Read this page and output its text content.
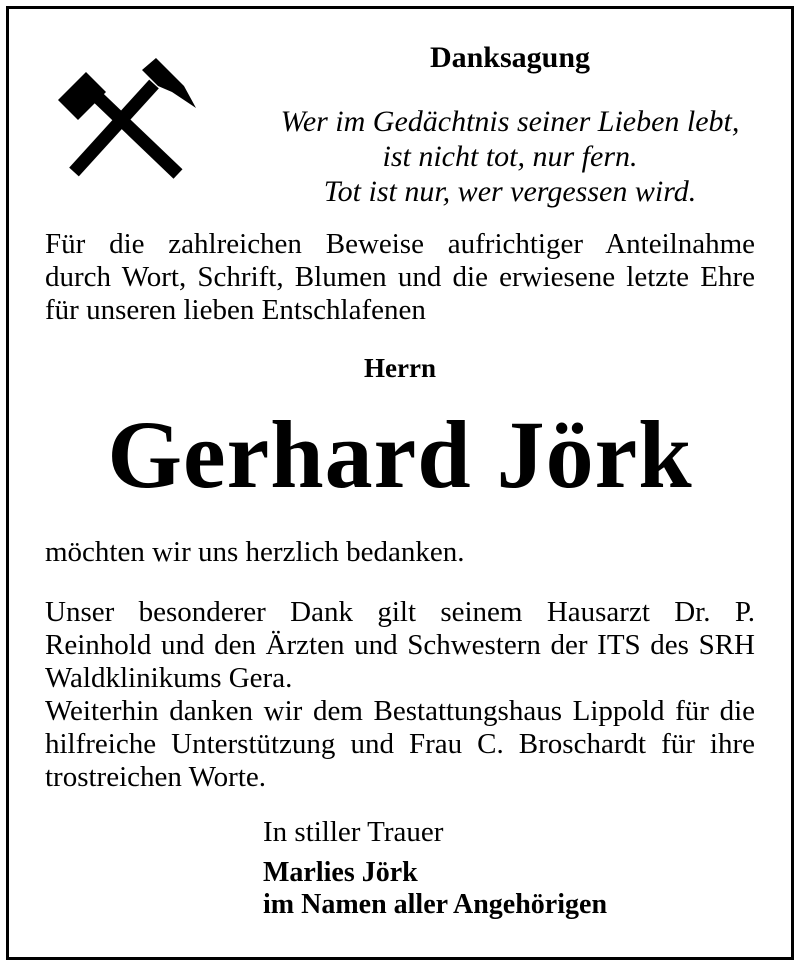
Danksagung
Wer im Gedächtnis seiner Lieben lebt,
ist nicht tot, nur fern.
Tot ist nur, wer vergessen wird.
Für die zahlreichen Beweise aufrichtiger Anteilnahme
durch Wort, Schrift, Blumen und die erwiesene letzte Ehre
für unseren lieben Entschlafenen
Herrn
Gerhard Jörk
möchten wir uns herzlich bedanken.
Unser besonderer Dank gilt seinem Hausarzt Dr. P.
Reinhold und den Ärzten und Schwestern der ITS des SRH
Waldklinikums Gera.
Weiterhin danken wir dem Bestattungshaus Lippold für die
hilfreiche Unterstützung und Frau C. Broschardt für ihre
trostreichen Worte.
In stiller Trauer
Marlies Jörk
im Namen aller Angehörigen
